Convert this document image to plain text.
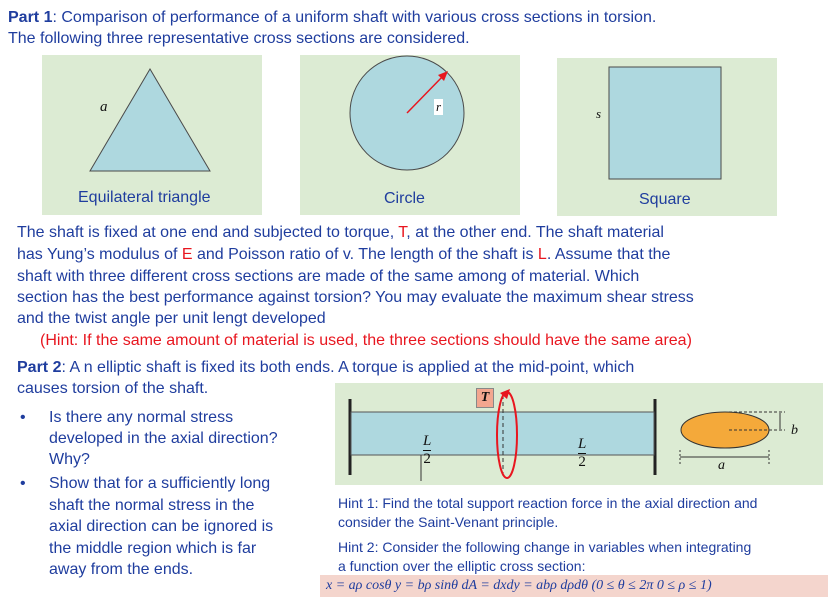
Part 1: Comparison of performance of a uniform shaft with various cross sections in torsion.
The following three representative cross sections are considered.
a
Equilateral triangle
r
Circle
s
Square
The shaft is fixed at one end and subjected to torque, T, at the other end. The shaft material
has Yung’s modulus of E and Poisson ratio of v. The length of the shaft is L. Assume that the
shaft with three different cross sections are made of the same among of material. Which
section has the best performance against torsion? You may evaluate the maximum shear stress
and the twist angle per unit lengt developed
(Hint: If the same amount of material is used, the three sections should have the same area)
Part 2: A n elliptic shaft is fixed its both ends. A torque is applied at the mid-point, which
causes torsion of the shaft.
• Is there any normal stress
developed in the axial direction?
Why?
• Show that for a sufficiently long
shaft the normal stress in the
axial direction can be ignored is
the middle region which is far
away from the ends.
T
L
2
L
2	a
b
Hint 1: Find the total support reaction force in the axial direction and
consider the Saint-Venant principle.
Hint 2: Consider the following change in variables when integrating
a function over the elliptic cross section:
x = aρ cosθ y = bρ sinθ dA = dxdy = abρ dρdθ (0 ≤ θ ≤ 2π 0 ≤ ρ ≤ 1)
